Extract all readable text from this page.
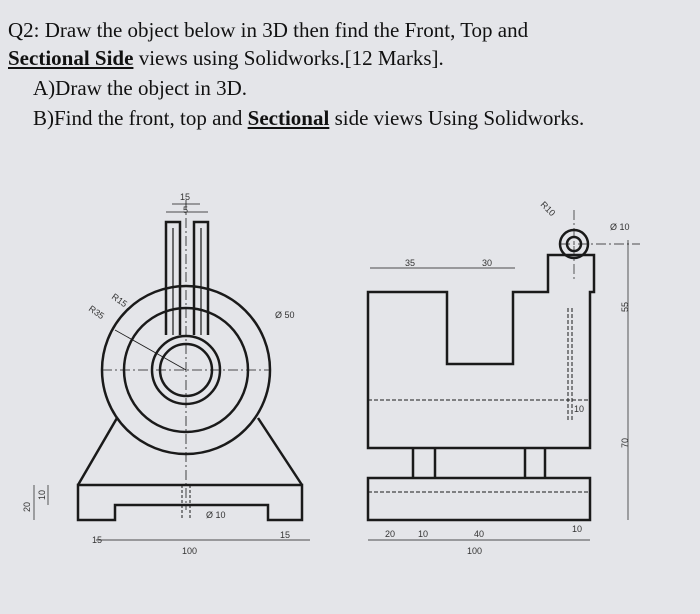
Q2: Draw the object below in 3D then find the Front, Top and
Sectional Side views using Solidworks.[12 Marks].
A)Draw the object in 3D.
B)Find the front, top and Sectional side views Using Solidworks.
15
5
R15
R35	Ø 50
Ø 10
20
10
15	15
100
R10
Ø 10
35	30
55
70
10
20	10	40	10
100
